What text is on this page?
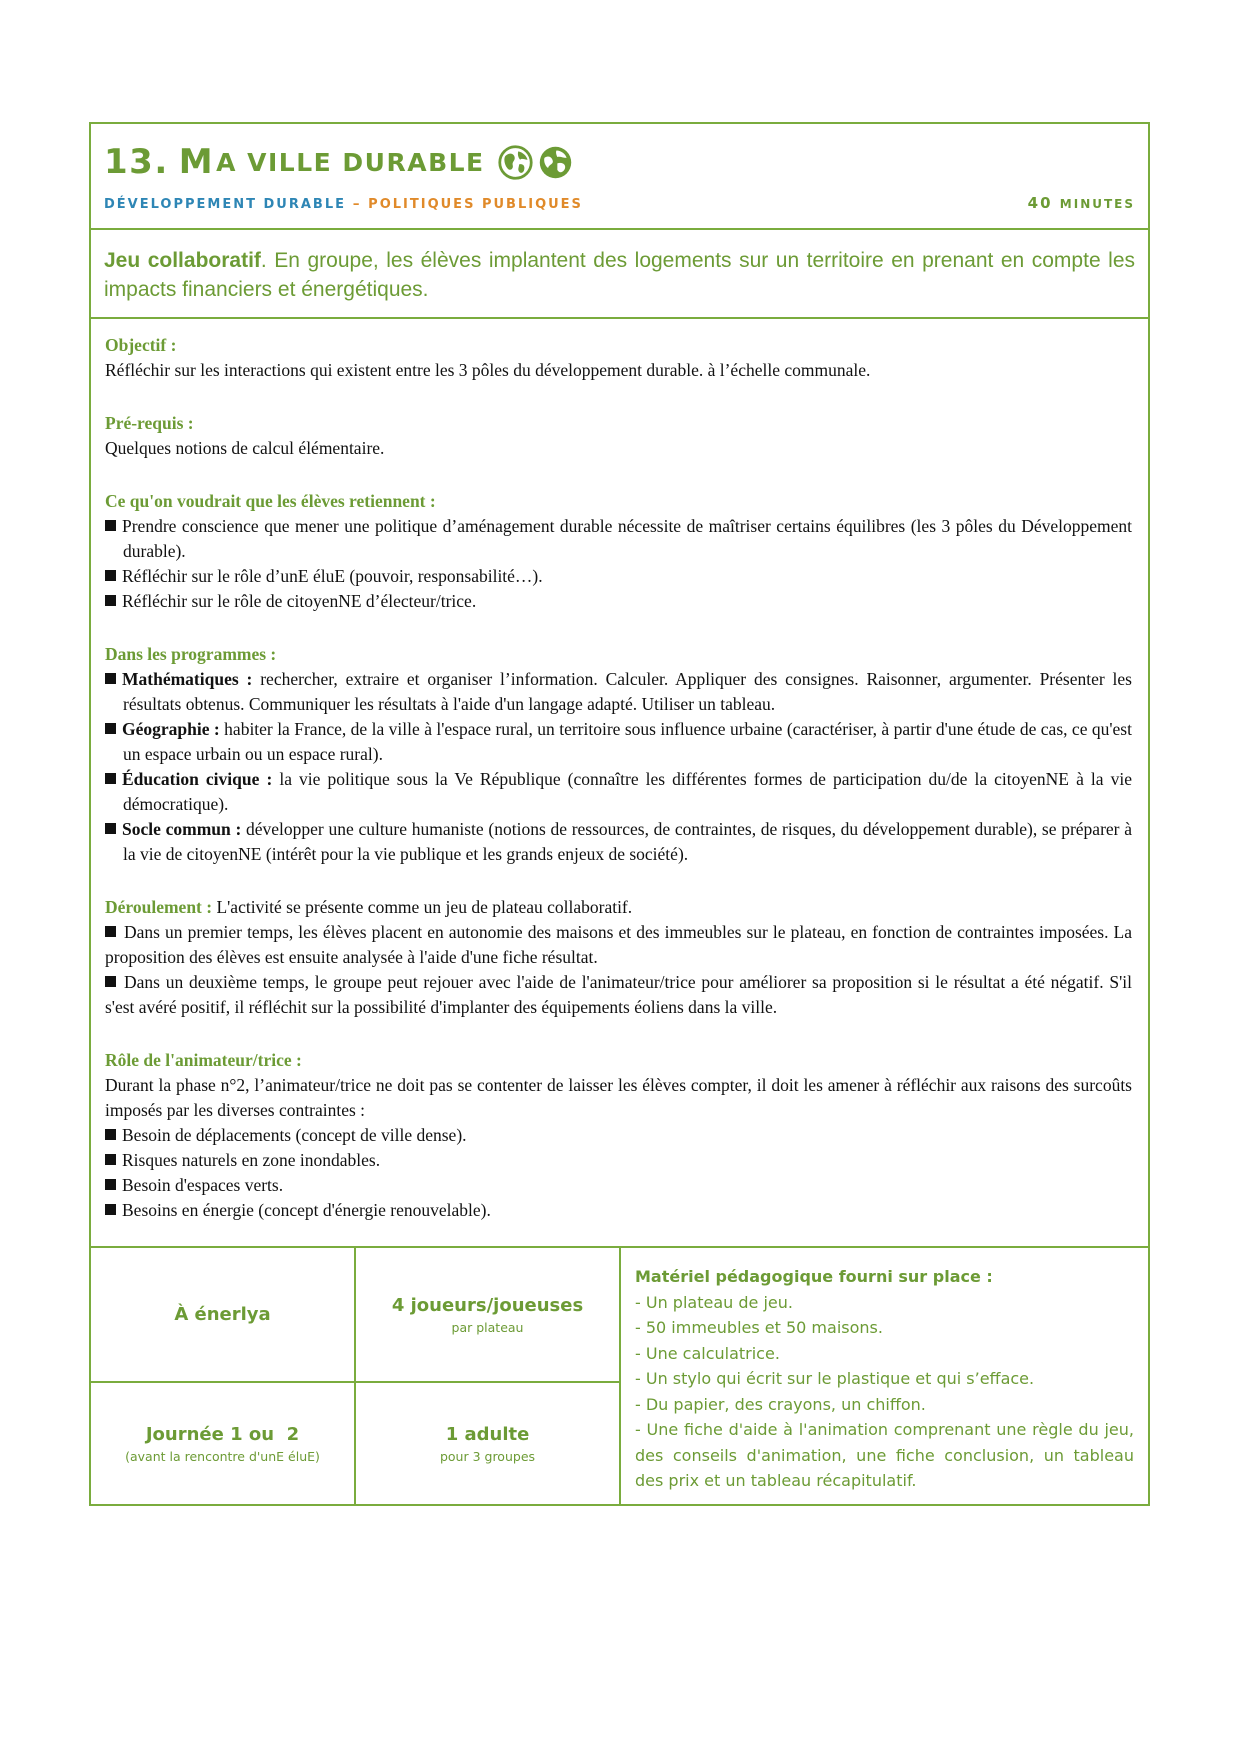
13. M A VILLE DURABLE
DÉVELOPPEMENT DURABLE – POLITIQUES PUBLIQUES	40 MINUTES
Jeu collaboratif. En groupe, les élèves implantent des logements sur un territoire en prenant en compte les impacts financiers et énergétiques.
Objectif :
Réfléchir sur les interactions qui existent entre les 3 pôles du développement durable. à l’échelle communale.
Pré-requis :
Quelques notions de calcul élémentaire.
Ce qu'on voudrait que les élèves retiennent :
Prendre conscience que mener une politique d’aménagement durable nécessite de maîtriser certains équilibres (les 3 pôles du Développement durable).
Réfléchir sur le rôle d’unE éluE (pouvoir, responsabilité…).
Réfléchir sur le rôle de citoyenNE d’électeur/trice.
Dans les programmes :
Mathématiques : rechercher, extraire et organiser l’information. Calculer. Appliquer des consignes. Raisonner, argumenter. Présenter les résultats obtenus. Communiquer les résultats à l'aide d'un langage adapté. Utiliser un tableau.
Géographie : habiter la France, de la ville à l'espace rural, un territoire sous influence urbaine (caractériser, à partir d'une étude de cas, ce qu'est un espace urbain ou un espace rural).
Éducation civique : la vie politique sous la Ve République (connaître les différentes formes de participation du/de la citoyenNE à la vie démocratique).
Socle commun : développer une culture humaniste (notions de ressources, de contraintes, de risques, du développement durable), se préparer à la vie de citoyenNE (intérêt pour la vie publique et les grands enjeux de société).
Déroulement : L'activité se présente comme un jeu de plateau collaboratif.
Dans un premier temps, les élèves placent en autonomie des maisons et des immeubles sur le plateau, en fonction de contraintes imposées. La proposition des élèves est ensuite analysée à l'aide d'une fiche résultat.
Dans un deuxième temps, le groupe peut rejouer avec l'aide de l'animateur/trice pour améliorer sa proposition si le résultat a été négatif. S'il s'est avéré positif, il réfléchit sur la possibilité d'implanter des équipements éoliens dans la ville.
Rôle de l'animateur/trice :
Durant la phase n°2, l’animateur/trice ne doit pas se contenter de laisser les élèves compter, il doit les amener à réfléchir aux raisons des surcoûts imposés par les diverses contraintes :
Besoin de déplacements (concept de ville dense).
Risques naturels en zone inondables.
Besoin d'espaces verts.
Besoins en énergie (concept d'énergie renouvelable).
À énerlya	4 joueurs/joueuses
par plateau
Journée 1 ou  2
(avant la rencontre d'unE éluE)
1 adulte
pour 3 groupes
Matériel pédagogique fourni sur place :
- Un plateau de jeu.
- 50 immeubles et 50 maisons.
- Une calculatrice.
- Un stylo qui écrit sur le plastique et qui s’efface.
- Du papier, des crayons, un chiffon.
- Une fiche d'aide à l'animation comprenant une règle du jeu, des conseils d'animation, une fiche conclusion, un tableau des prix et un tableau récapitulatif.
